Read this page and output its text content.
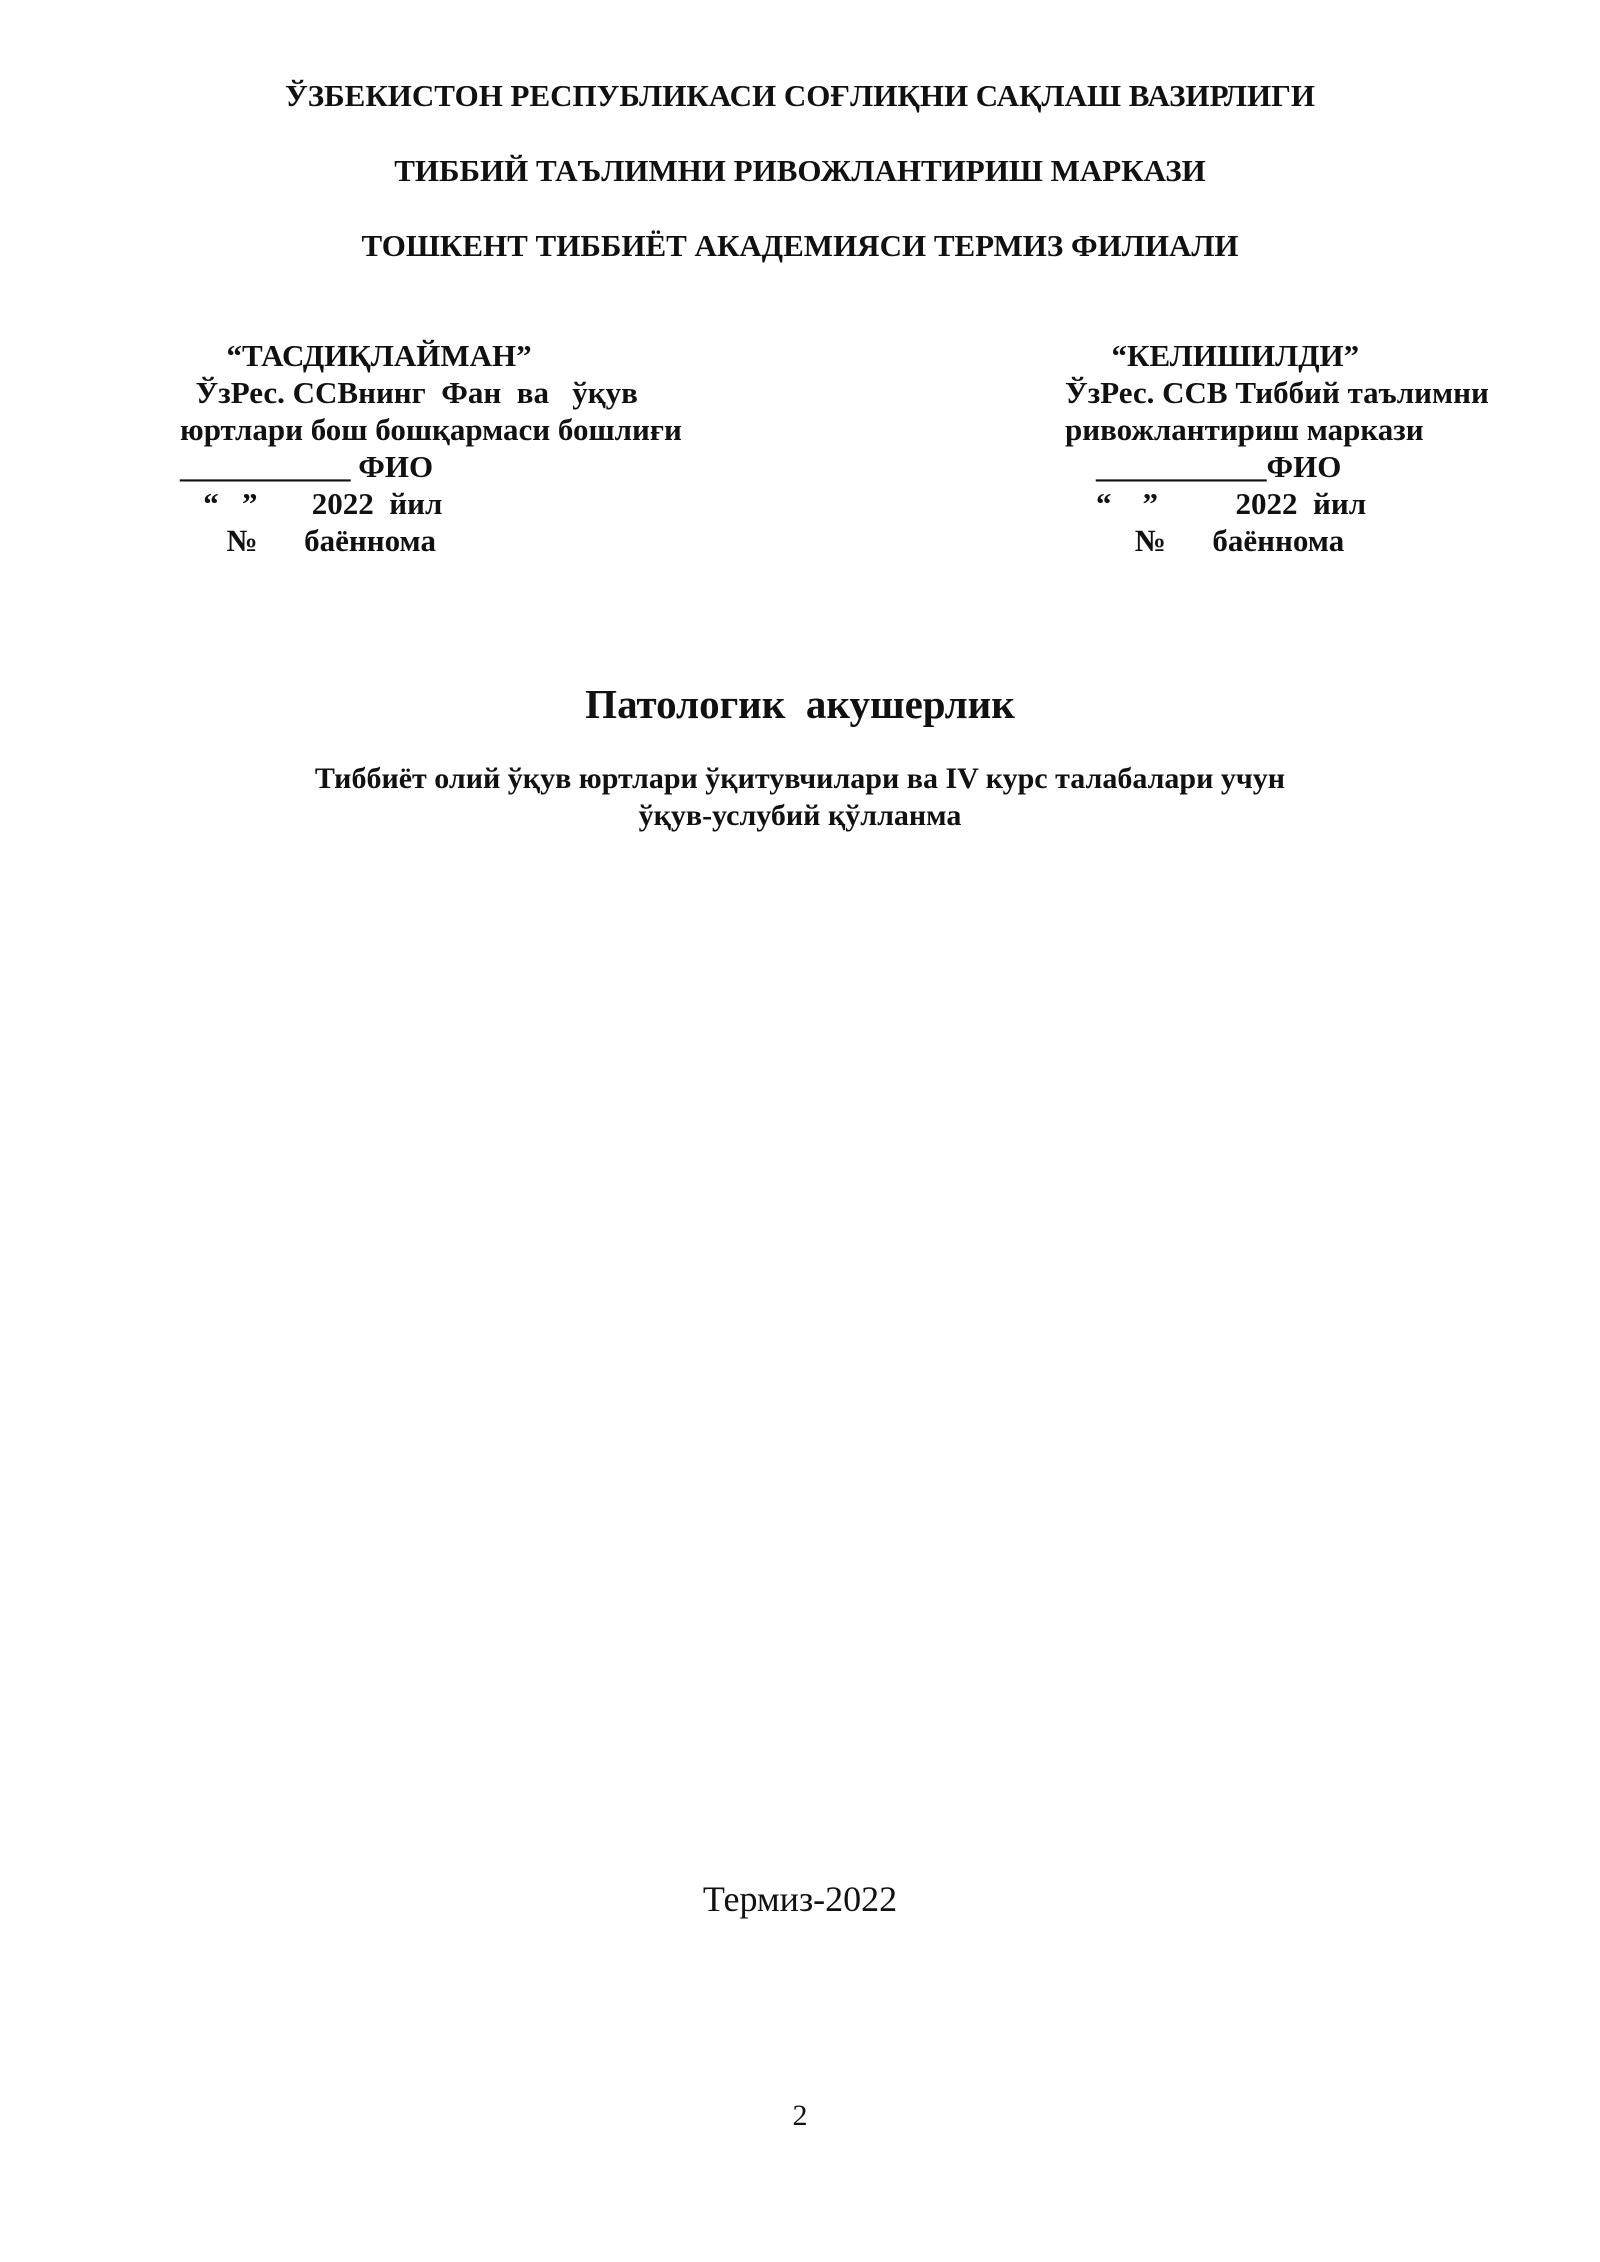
ЎЗБЕКИСТОН РЕСПУБЛИКАСИ СОҒЛИҚНИ САҚЛАШ ВАЗИРЛИГИ
ТИББИЙ ТАЪЛИМНИ РИВОЖЛАНТИРИШ МАРКАЗИ
ТОШКЕНТ ТИББИЁТ АКАДЕМИЯСИ ТЕРМИЗ ФИЛИАЛИ
“ТАСДИҚЛАЙМАН”
ЎзРес. ССВнинг  Фан  ва   ўқув
юртлари бош бошқармаси бошлиғи
___________ ФИО
“   ”       2022  йил
№      баённома
“КЕЛИШИЛДИ”
ЎзРес. ССВ Тиббий таълимни
ривожлантириш маркази
___________ФИО
“    ”          2022  йил
№      баённома
Патологик  акушерлик
Тиббиёт олий ўқув юртлари ўқитувчилари ва IV курс талабалари учун
ўқув-услубий қўлланма
Термиз-2022
2
